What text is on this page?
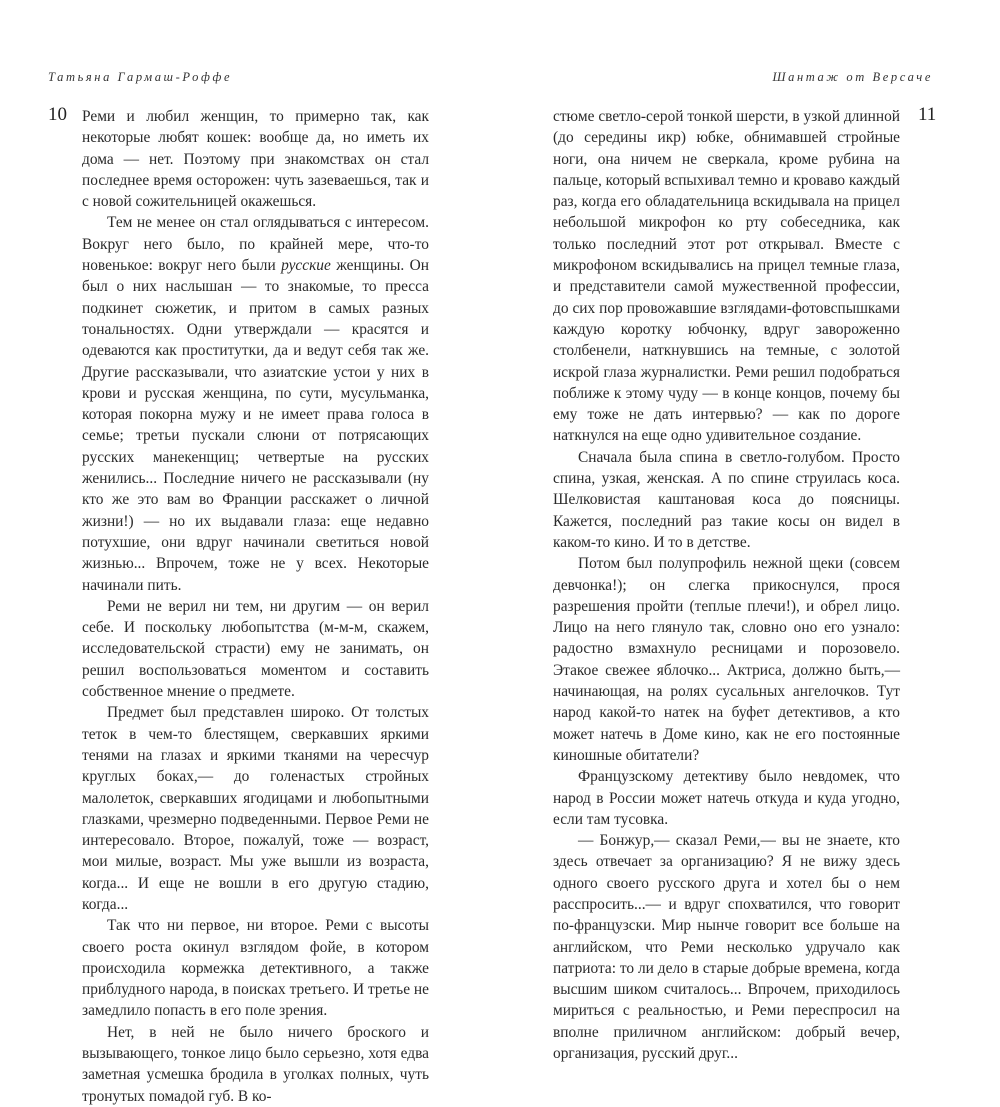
Татьяна Гармаш-Роффе
10 Реми и любил женщин, то примерно так, как некоторые любят кошек: вообще да, но иметь их дома — нет. Поэтому при знакомствах он стал последнее время осторожен: чуть зазеваешься, так и с новой сожительницей окажешься.

Тем не менее он стал оглядываться с интересом. Вокруг него было, по крайней мере, что-то новенькое: вокруг него были русские женщины. Он был о них наслышан — то знакомые, то пресса подкинет сюжетик, и притом в самых разных тональностях. Одни утверждали — красятся и одеваются как проститутки, да и ведут себя так же. Другие рассказывали, что азиатские устои у них в крови и русская женщина, по сути, мусульманка, которая покорна мужу и не имеет права голоса в семье; третьи пускали слюни от потрясающих русских манекенщиц; четвертые на русских женились... Последние ничего не рассказывали (ну кто же это вам во Франции расскажет о личной жизни!) — но их выдавали глаза: еще недавно потухшие, они вдруг начинали светиться новой жизнью... Впрочем, тоже не у всех. Некоторые начинали пить.

Реми не верил ни тем, ни другим — он верил себе. И поскольку любопытства (м-м-м, скажем, исследовательской страсти) ему не занимать, он решил воспользоваться моментом и составить собственное мнение о предмете.

Предмет был представлен широко. От толстых теток в чем-то блестящем, сверкавших яркими тенями на глазах и яркими тканями на чересчур круглых боках,— до голенастых стройных малолеток, сверкавших ягодицами и любопытными глазками, чрезмерно подведенными. Первое Реми не интересовало. Второе, пожалуй, тоже — возраст, мои милые, возраст. Мы уже вышли из возраста, когда... И еще не вошли в его другую стадию, когда...

Так что ни первое, ни второе. Реми с высоты своего роста окинул взглядом фойе, в котором происходила кормежка детективного, а также приблудного народа, в поисках третьего. И третье не замедлило попасть в его поле зрения.

Нет, в ней не было ничего броского и вызывающего, тонкое лицо было серьезно, хотя едва заметная усмешка бродила в уголках полных, чуть тронутых помадой губ. В ко-

Шантаж от Версаче
11

стюме светло-серой тонкой шерсти, в узкой длинной (до середины икр) юбке, обнимавшей стройные ноги, она ничем не сверкала, кроме рубина на пальце, который вспыхивал темно и кроваво каждый раз, когда его обладательница вскидывала на прицел небольшой микрофон ко рту собеседника, как только последний этот рот открывал. Вместе с микрофоном вскидывались на прицел темные глаза, и представители самой мужественной профессии, до сих пор провожавшие взглядами-фотовспышками каждую коротку юбчонку, вдруг завороженно столбенели, наткнувшись на темные, с золотой искрой глаза журналистки. Реми решил подобраться поближе к этому чуду — в конце концов, почему бы ему тоже не дать интервью? — как по дороге наткнулся на еще одно удивительное создание.

Сначала была спина в светло-голубом. Просто спина, узкая, женская. А по спине струилась коса. Шелковистая каштановая коса до поясницы. Кажется, последний раз такие косы он видел в каком-то кино. И то в детстве.

Потом был полупрофиль нежной щеки (совсем девчонка!); он слегка прикоснулся, прося разрешения пройти (теплые плечи!), и обрел лицо. Лицо на него глянуло так, словно оно его узнало: радостно взмахнуло ресницами и порозовело. Этакое свежее яблочко... Актриса, должно быть,— начинающая, на ролях сусальных ангелочков. Тут народ какой-то натек на буфет детективов, а кто может натечь в Доме кино, как не его постоянные киношные обитатели?

Французскому детективу было невдомек, что народ в России может натечь откуда и куда угодно, если там тусовка.

— Бонжур,— сказал Реми,— вы не знаете, кто здесь отвечает за организацию? Я не вижу здесь одного своего русского друга и хотел бы о нем расспросить...— и вдруг спохватился, что говорит по-французски. Мир нынче говорит все больше на английском, что Реми несколько удручало как патриота: то ли дело в старые добрые времена, когда высшим шиком считалось... Впрочем, приходилось мириться с реальностью, и Реми переспросил на вполне приличном английском: добрый вечер, организация, русский друг...
